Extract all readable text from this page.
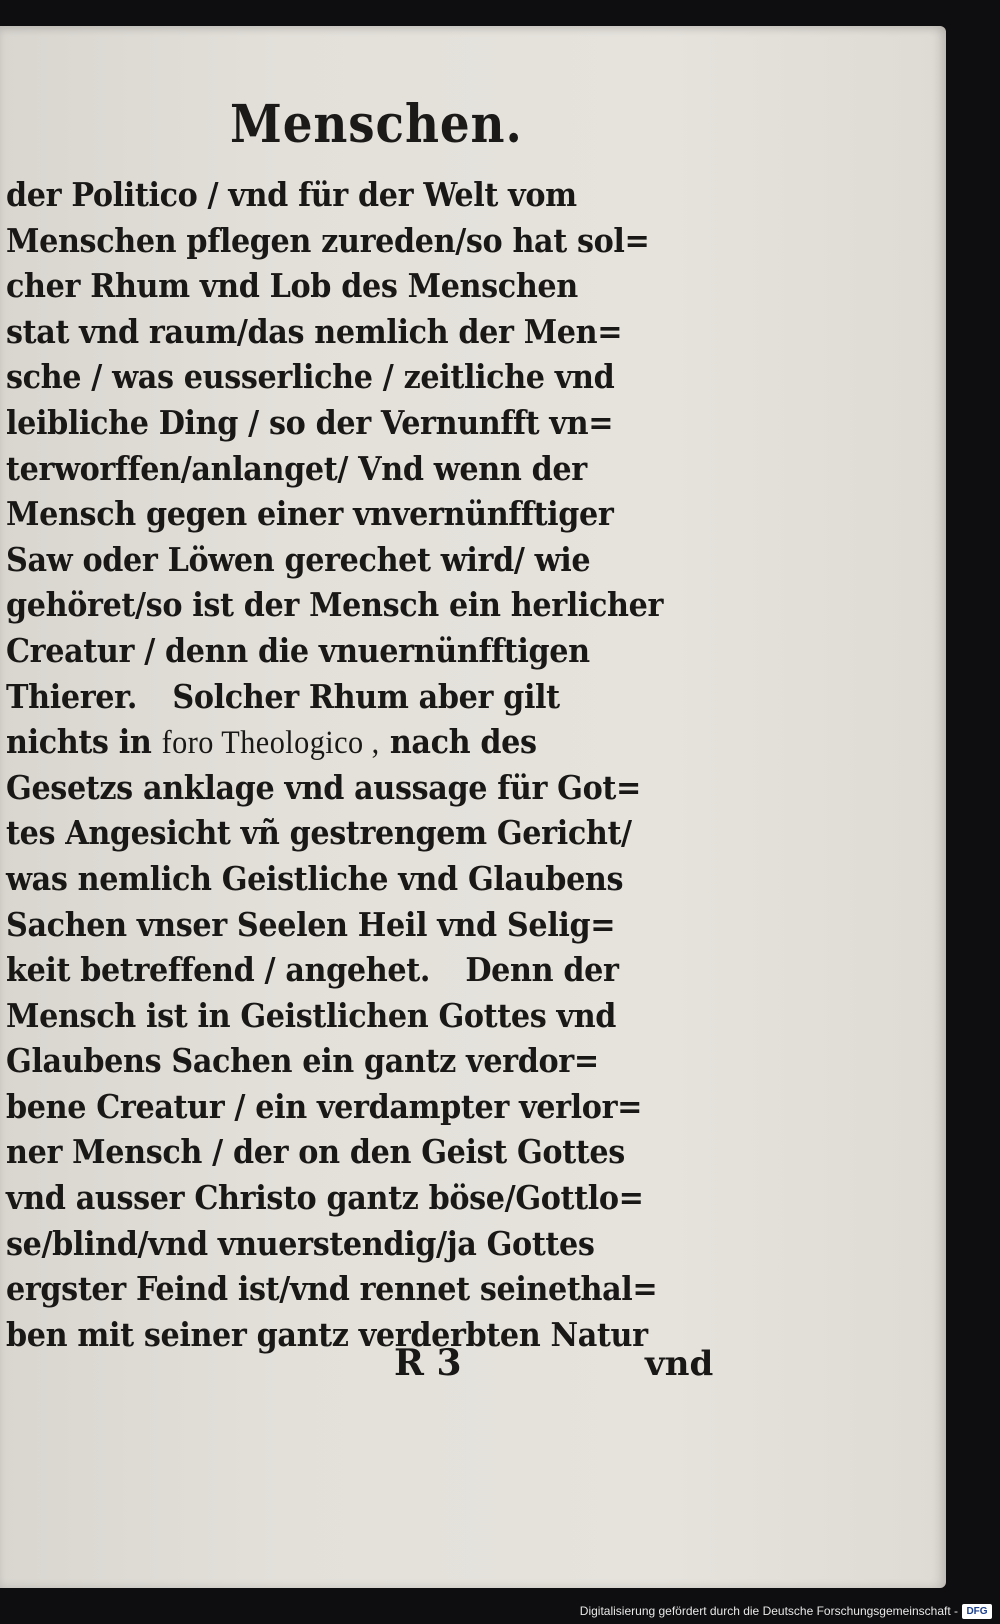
Menschen.
der Politico / vnd für der Welt vom
Menschen pflegen zureden/so hat sol=
cher Rhum vnd Lob des Menschen
stat vnd raum/das nemlich der Men=
sche / was eusserliche / zeitliche vnd
leibliche Ding / so der Vernunfft vn=
terworffen/anlanget/ Vnd wenn der
Mensch gegen einer vnvernünfftiger
Saw oder Löwen gerechet wird/ wie
gehöret/so ist der Mensch ein herlicher
Creatur / denn die vnuernünfftigen
Thierer. Solcher Rhum aber gilt
nichts in foro Theologico , nach des
Gesetzs anklage vnd aussage für Got=
tes Angesicht vñ gestrengem Gericht/
was nemlich Geistliche vnd Glaubens
Sachen vnser Seelen Heil vnd Selig=
keit betreffend / angehet. Denn der
Mensch ist in Geistlichen Gottes vnd
Glaubens Sachen ein gantz verdor=
bene Creatur / ein verdampter verlor=
ner Mensch / der on den Geist Gottes
vnd ausser Christo gantz böse/Gottlo=
se/blind/vnd vnuerstendig/ja Gottes
ergster Feind ist/vnd rennet seinethal=
ben mit seiner gantz verderbten Natur
R 3	vnd
Digitalisierung gefördert durch die Deutsche Forschungsgemeinschaft - DFG
